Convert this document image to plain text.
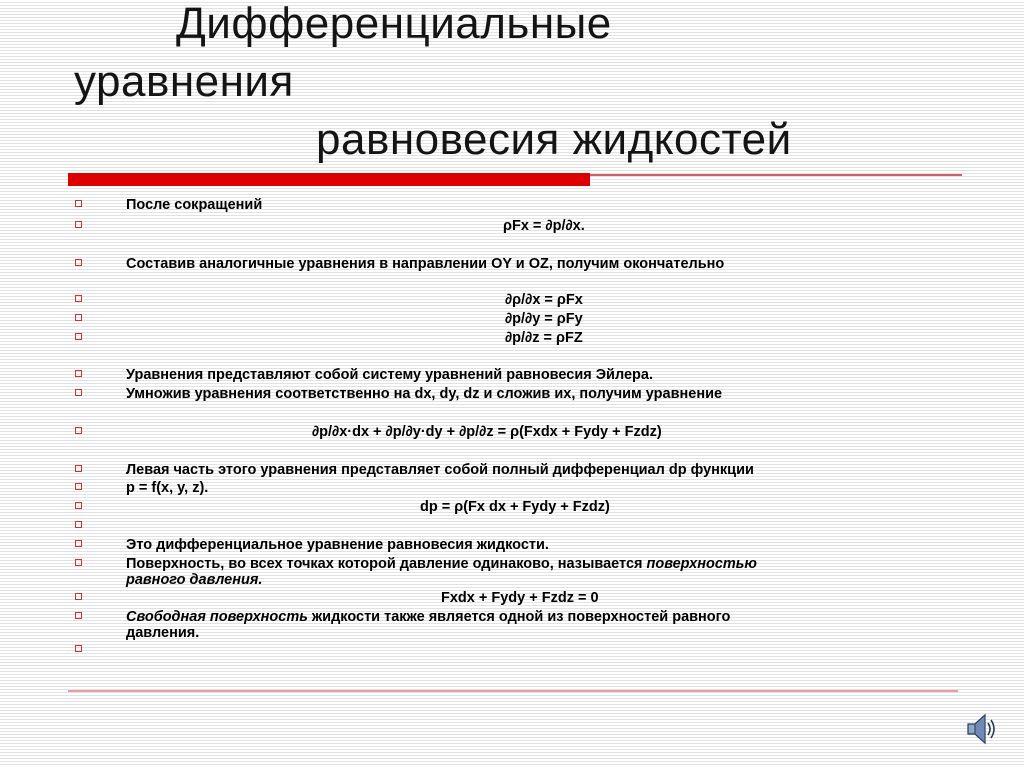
Дифференциальные
уравнения
равновесия жидкостей
После сокращений
ρFx = ∂p/∂x.
Составив аналогичные уравнения в направлении OY и OZ, получим окончательно
∂ρ/∂x = ρFx
∂p/∂y = ρFy
∂p/∂z = ρFZ
Уравнения представляют собой систему уравнений равновесия Эйлера.
Умножив уравнения соответственно на dx, dy, dz и сложив их, получим уравнение
∂p/∂x·dx + ∂p/∂y·dy + ∂p/∂z = ρ(Fxdx + Fydy + Fzdz)
Левая часть этого уравнения представляет собой полный дифференциал dp функции
p = f(x, y, z).
dp = ρ(Fx dx + Fydy + Fzdz)
Это дифференциальное уравнение равновесия жидкости.
Поверхность, во всех точках которой давление одинаково, называется поверхностью
равного давления.
Fxdx + Fydy + Fzdz = 0
Свободная поверхность жидкости также является одной из поверхностей равного
давления.
